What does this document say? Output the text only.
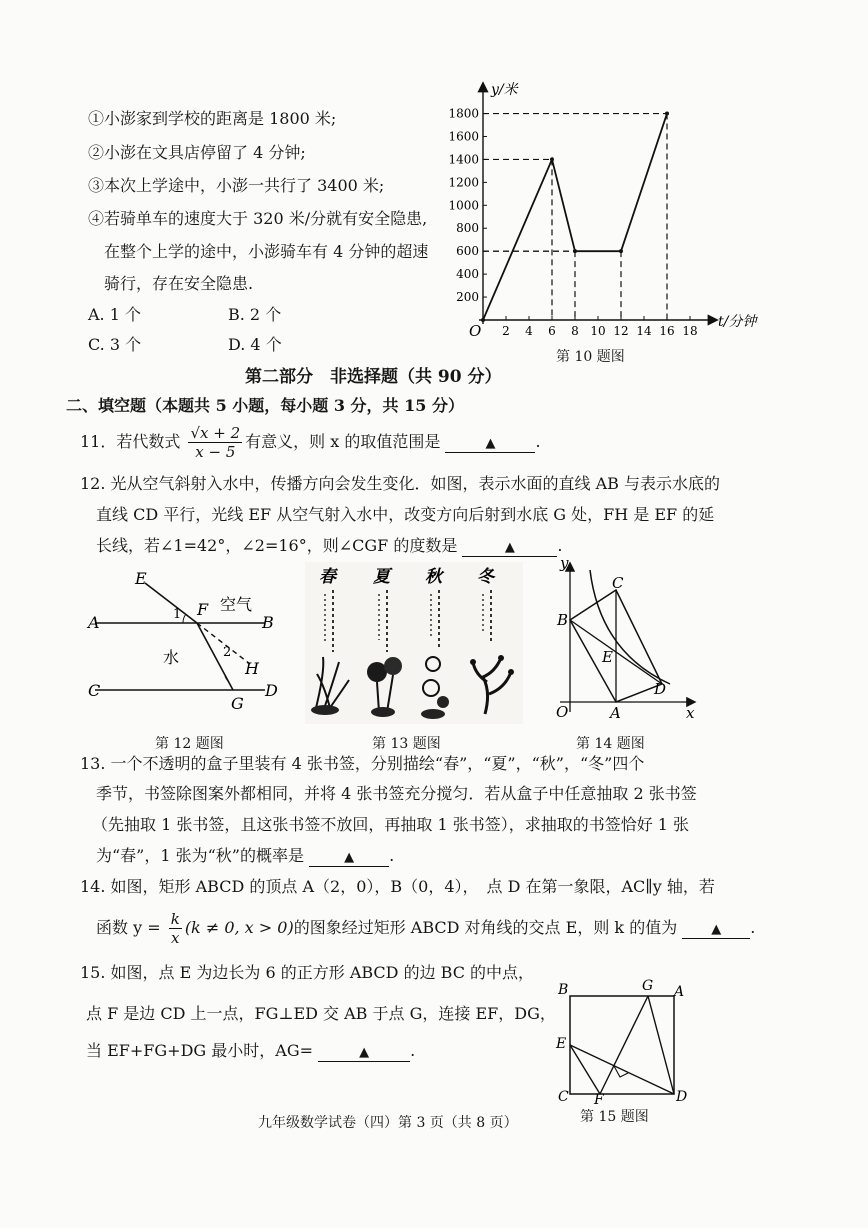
①小澎家到学校的距离是 1800 米;
②小澎在文具店停留了 4 分钟;
③本次上学途中，小澎一共行了 3400 米;
④若骑单车的速度大于 320 米/分就有安全隐患,
在整个上学的途中，小澎骑车有 4 分钟的超速
骑行，存在安全隐患.
A. 1 个	B. 2 个
C. 3 个	D. 4 个
y/米
t/分钟
O 2 4 6 8 10 12 14 16 18
200
400
600
800
1000
1200
1400
1600
1800
第 10 题图
第二部分　非选择题（共 90 分）
二、填空题（本题共 5 小题，每小题 3 分，共 15 分）
11．若代数式 $\frac{√x + 2}{x - 5}$ 有意义，则 x 的取值范围是	▲	.
12. 光从空气斜射入水中，传播方向会发生变化．如图，表示水面的直线 AB 与表示水底的
直线 CD 平行，光线 EF 从空气射入水中，改变方向后射到水底 G 处，FH 是 EF 的延
长线，若∠1=42°，∠2=16°，则∠CGF 的度数是	▲	.
E
A	B
C	D
F
G
H
1
2
空气
水
第 12 题图
春 夏 秋 冬
第 13 题图
y
x
O	A
B
C
D
E
第 14 题图
13. 一个不透明的盒子里装有 4 张书签，分别描绘“春”，“夏”，“秋”，“冬”四个
季节，书签除图案外都相同，并将 4 张书签充分搅匀．若从盒子中任意抽取 2 张书签
（先抽取 1 张书签，且这张书签不放回，再抽取 1 张书签），求抽取的书签恰好 1 张
为“春”，1 张为“秋”的概率是	▲ .
14. 如图，矩形 ABCD 的顶点 A（2，0），B（0，4），　点 D 在第一象限，AC∥y 轴，若
函数 $y = \frac{k}{x} (k \ne 0$, x > 0)的图象经过矩形 ABCD 对角线的交点 E，则 k 的值为	▲ .
15. 如图，点 E 为边长为 6 的正方形 ABCD 的边 BC 的中点，
点 F 是边 CD 上一点，FG⊥ED 交 AB 于点 G，连接 EF，DG，
当 EF+FG+DG 最小时，AG=	▲	.
B	G A
E
C F	D
第 15 题图
九年级数学试卷（四）第 3 页（共 8 页）
